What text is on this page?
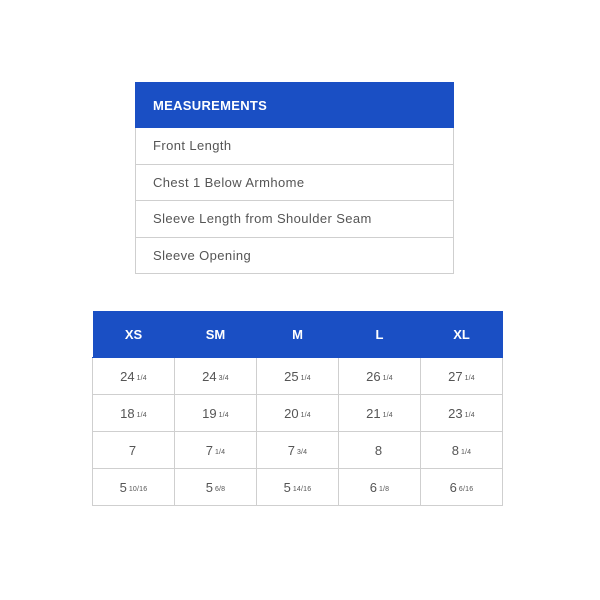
MEASUREMENTS
Front Length
Chest 1 Below Armhome
Sleeve Length from Shoulder Seam
Sleeve Opening
XS	SM	M	L	XL
24 1/4	24 3/4	25 1/4	26 1/4	27 1/4
18 1/4	19 1/4	20 1/4	21 1/4	23 1/4
7	7 1/4	7 3/4	8	8 1/4
5 10/16	5 6/8	5 14/16	6 1/8	6 6/16
